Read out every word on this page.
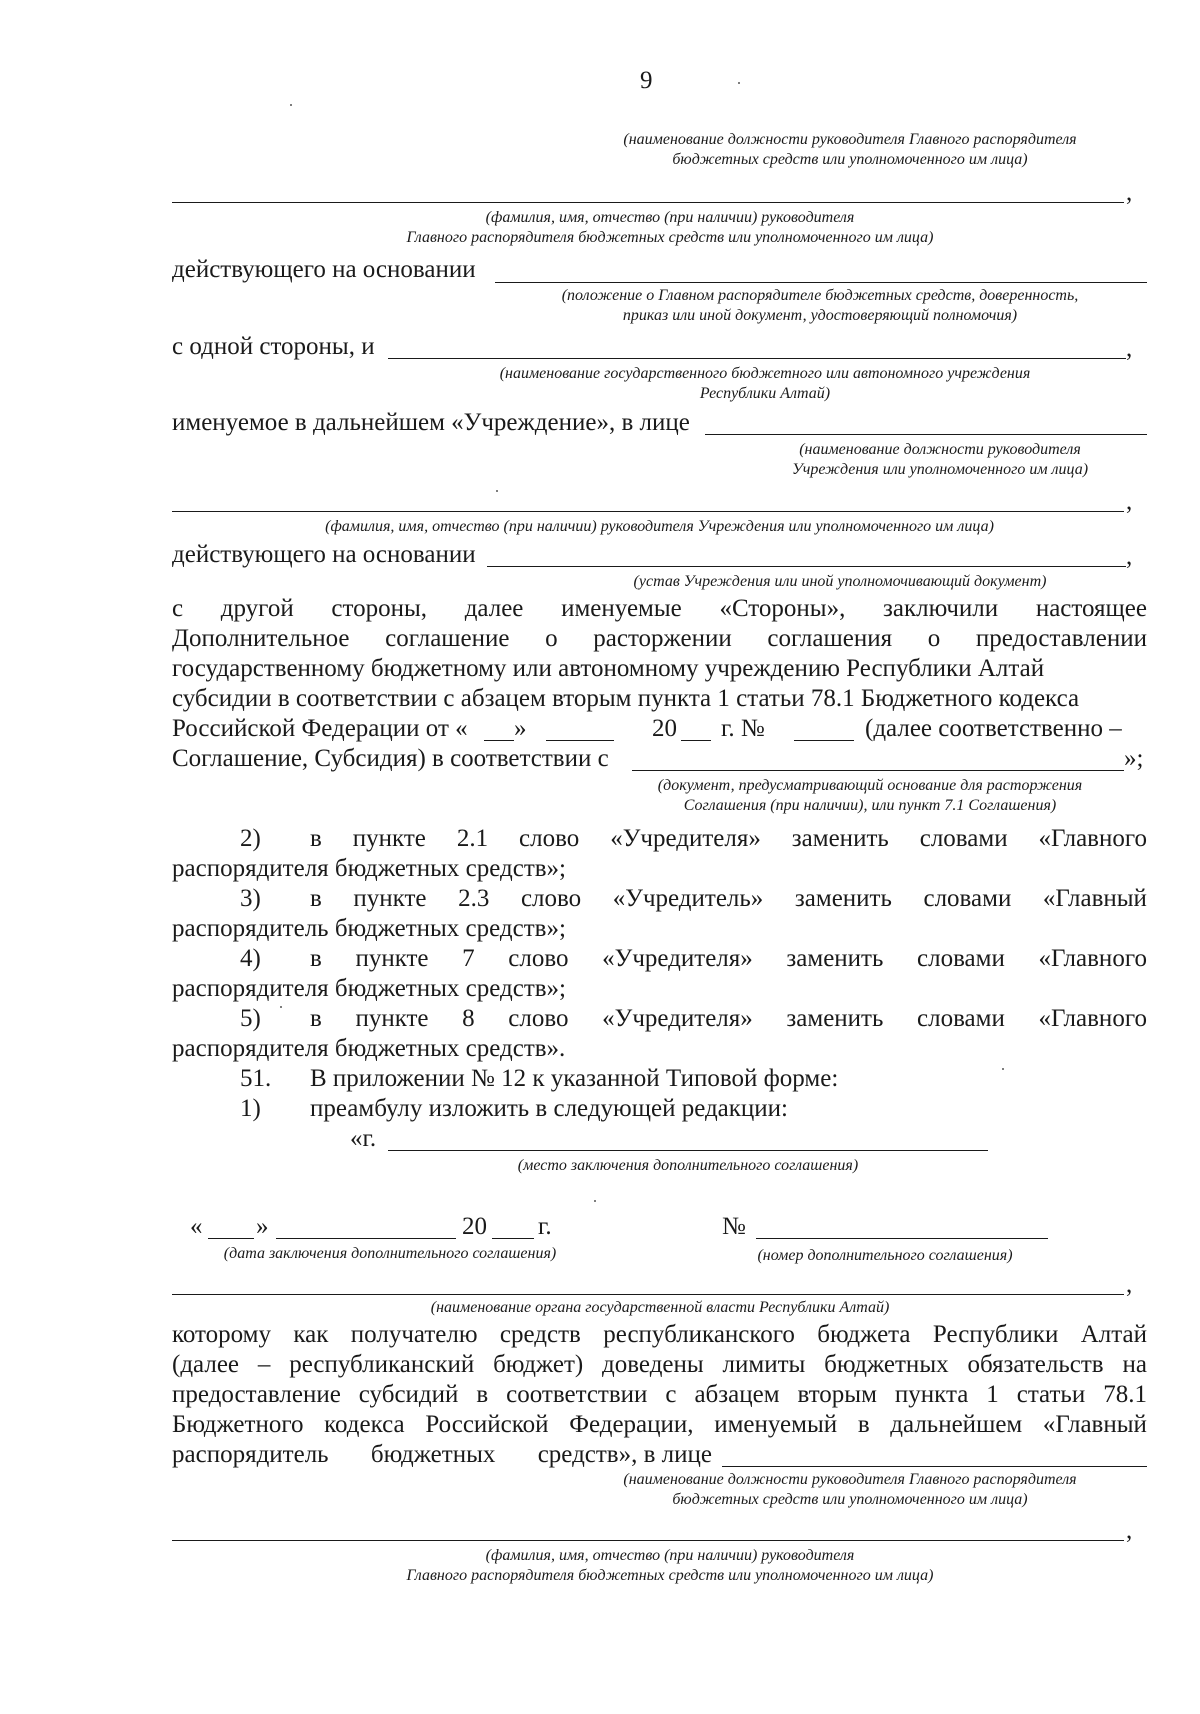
9
(наименование должности руководителя Главного распорядителя
бюджетных средств или уполномоченного им лица)
,
(фамилия, имя, отчество (при наличии) руководителя
Главного распорядителя бюджетных средств или уполномоченного им лица)
действующего на основании
(положение о Главном распорядителе бюджетных средств, доверенность,
приказ или иной документ, удостоверяющий полномочия)
с одной стороны, и	,
(наименование государственного бюджетного или автономного учреждения
Республики Алтай)
именуемое в дальнейшем «Учреждение», в лице
(наименование должности руководителя
Учреждения или уполномоченного им лица)
,
(фамилия, имя, отчество (при наличии) руководителя Учреждения или уполномоченного им лица)
действующего на основании	,
(устав Учреждения или иной уполномочивающий документ)
с другой стороны, далее именуемые «Стороны», заключили настоящее
Дополнительное соглашение о расторжении соглашения о предоставлении
государственному бюджетному или автономному учреждению Республики Алтай
субсидии в соответствии с абзацем вторым пункта 1 статьи 78.1 Бюджетного кодекса
Российской Федерации от « »	20 г. №	(далее соответственно –
Соглашение, Субсидия) в соответствии с	»;
(документ, предусматривающий основание для расторжения
Соглашения (при наличии), или пункт 7.1 Соглашения)
2) в пункте 2.1 слово «Учредителя» заменить словами «Главного
распорядителя бюджетных средств»;
3) в пункте 2.3 слово «Учредитель» заменить словами «Главный
распорядитель бюджетных средств»;
4) в пункте 7 слово «Учредителя» заменить словами «Главного
распорядителя бюджетных средств»;
5) в пункте 8 слово «Учредителя» заменить словами «Главного
распорядителя бюджетных средств».
51. В приложении № 12 к указанной Типовой форме:
1) преамбулу изложить в следующей редакции:
«г.
(место заключения дополнительного соглашения)
« »	20 г.	№
(дата заключения дополнительного соглашения)	(номер дополнительного соглашения)
,
(наименование органа государственной власти Республики Алтай)
которому как получателю средств республиканского бюджета Республики Алтай
(далее – республиканский бюджет) доведены лимиты бюджетных обязательств на
предоставление субсидий в соответствии с абзацем вторым пункта 1 статьи 78.1
Бюджетного кодекса Российской Федерации, именуемый в дальнейшем «Главный
распорядитель бюджетных средств», в лице
(наименование должности руководителя Главного распорядителя
бюджетных средств или уполномоченного им лица)
,
(фамилия, имя, отчество (при наличии) руководителя
Главного распорядителя бюджетных средств или уполномоченного им лица)
